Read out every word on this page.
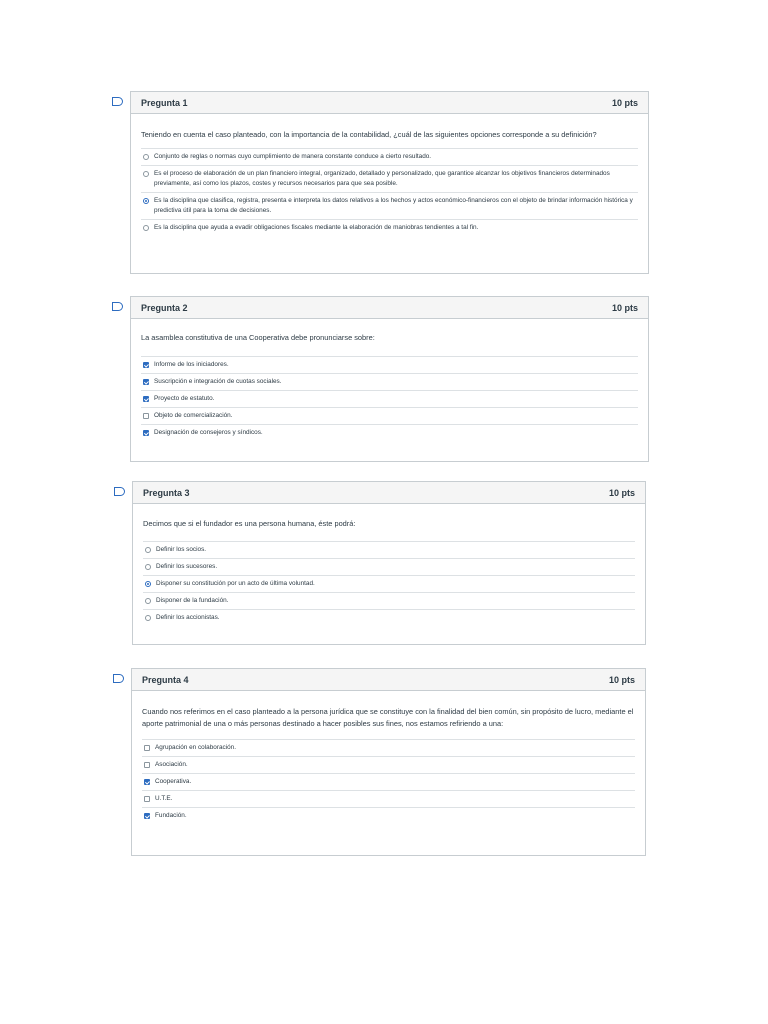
Pregunta 1	10 pts

Teniendo en cuenta el caso planteado, con la importancia de la contabilidad, ¿cuál de las siguientes opciones corresponde a su definición?

Conjunto de reglas o normas cuyo cumplimiento de manera constante conduce a cierto resultado.
Es el proceso de elaboración de un plan financiero integral, organizado, detallado y personalizado, que garantice alcanzar los objetivos financieros determinados previamente, así como los plazos, costes y recursos necesarios para que sea posible.
Es la disciplina que clasifica, registra, presenta e interpreta los datos relativos a los hechos y actos económico-financieros con el objeto de brindar información histórica y predictiva útil para la toma de decisiones.
Es la disciplina que ayuda a evadir obligaciones fiscales mediante la elaboración de maniobras tendientes a tal fin.
Pregunta 2	10 pts

La asamblea constitutiva de una Cooperativa debe pronunciarse sobre:

Informe de los iniciadores.
Suscripción e integración de cuotas sociales.
Proyecto de estatuto.
Objeto de comercialización.
Designación de consejeros y síndicos.
Pregunta 3	10 pts

Decimos que si el fundador es una persona humana, éste podrá:

Definir los socios.
Definir los sucesores.
Disponer su constitución por un acto de última voluntad.
Disponer de la fundación.
Definir los accionistas.
Pregunta 4	10 pts

Cuando nos referimos en el caso planteado a la persona jurídica que se constituye con la finalidad del bien común, sin propósito de lucro, mediante el aporte patrimonial de una o más personas destinado a hacer posibles sus fines, nos estamos refiriendo a una:

Agrupación en colaboración.
Asociación.
Cooperativa.
U.T.E.
Fundación.
